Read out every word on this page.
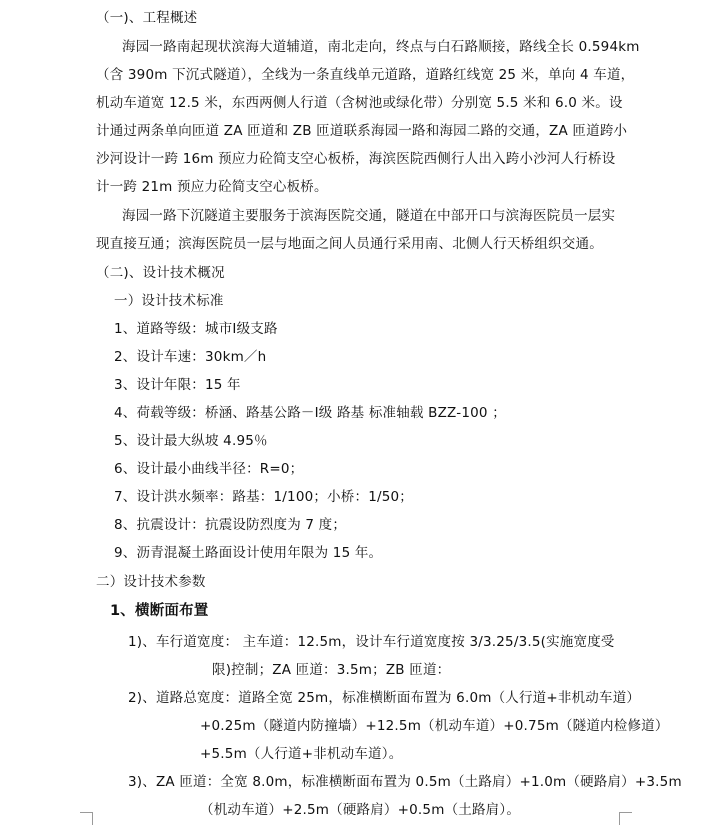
（一)、工程概述
海园一路南起现状滨海大道辅道，南北走向，终点与白石路顺接，路线全长 0.594km
（含 390m 下沉式隧道），全线为一条直线单元道路，道路红线宽 25 米，单向 4 车道，
机动车道宽 12.5 米，东西两侧人行道（含树池或绿化带）分别宽 5.5 米和 6.0 米。设
计通过两条单向匝道 ZA 匝道和 ZB 匝道联系海园一路和海园二路的交通，ZA 匝道跨小
沙河设计一跨 16m 预应力砼简支空心板桥，海滨医院西侧行人出入跨小沙河人行桥设
计一跨 21m 预应力砼简支空心板桥。
海园一路下沉隧道主要服务于滨海医院交通，隧道在中部开口与滨海医院员一层实
现直接互通；滨海医院员一层与地面之间人员通行采用南、北侧人行天桥组织交通。
（二)、设计技术概况
一）设计技术标准
1、道路等级：城市Ⅰ级支路
2、设计车速：30km／h
3、设计年限：15 年
4、荷载等级：桥涵、路基公路－Ⅰ级 路基 标准轴载 BZZ-100 ；
5、设计最大纵坡 4.95％
6、设计最小曲线半径：R=0；
7、设计洪水频率：路基：1/100；小桥：1/50；
8、抗震设计：抗震设防烈度为 7 度；
9、沥青混凝土路面设计使用年限为 15 年。
二）设计技术参数
1、横断面布置
1)、车行道宽度： 主车道：12.5m，设计车行道宽度按 3/3.25/3.5(实施宽度受
限)控制；ZA 匝道：3.5m；ZB 匝道：
2)、道路总宽度：道路全宽 25m，标准横断面布置为 6.0m（人行道+非机动车道）
+0.25m（隧道内防撞墙）+12.5m（机动车道）+0.75m（隧道内检修道）
+5.5m（人行道+非机动车道）。
3)、ZA 匝道：全宽 8.0m，标准横断面布置为 0.5m（土路肩）+1.0m（硬路肩）+3.5m
（机动车道）+2.5m（硬路肩）+0.5m（土路肩）。
